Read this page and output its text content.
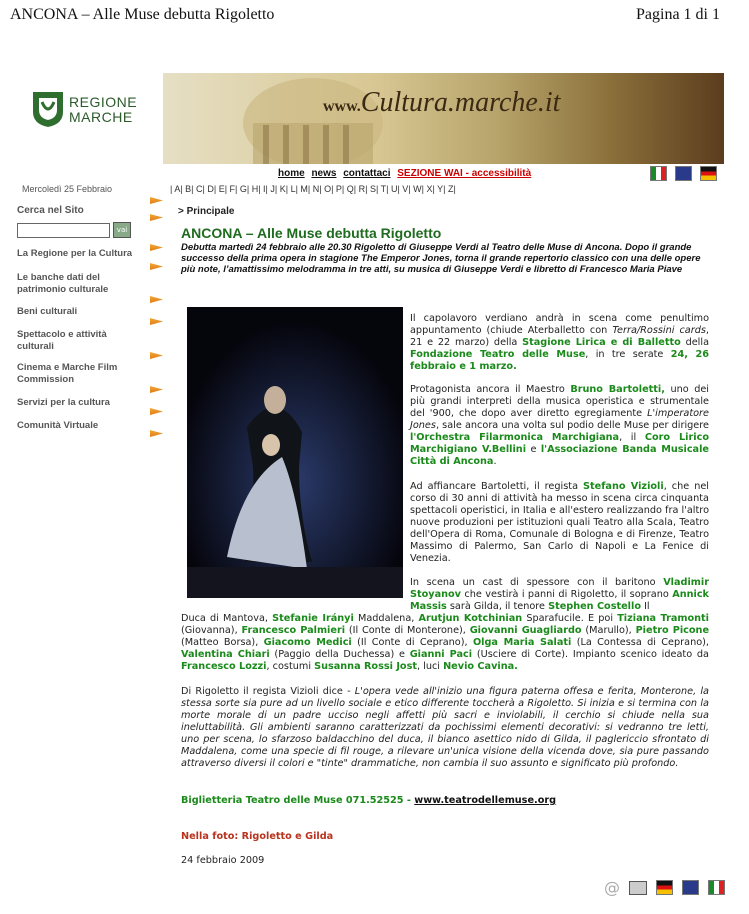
ANCONA – Alle Muse debutta Rigoletto	Pagina 1 di 1
REGIONE
MARCHE
www.Cultura.marche.it
home news contattaci SEZIONE WAI - accessibilità

Mercoledì 25 Febbraio	| A| B| C| D| E| F| G| H| I| J| K| L| M| N| O| P| Q| R| S| T| U| V| W| X| Y| Z|
Cerca nel Sito
vai
La Regione per la Cultura
Le banche dati del patrimonio culturale
Beni culturali
Spettacolo e attività culturali
Cinema e Marche Film Commission
Servizi per la cultura
Comunità Virtuale
> Principale
ANCONA – Alle Muse debutta Rigoletto

Debutta martedì 24 febbraio alle 20.30 Rigoletto di Giuseppe Verdi al Teatro delle Muse di Ancona. Dopo il grande successo della prima opera in stagione The Emperor Jones, torna il grande repertorio classico con una delle opere più note, l’amattissimo melodramma in tre atti, su musica di Giuseppe Verdi e libretto di Francesco Maria Piave

Il capolavoro verdiano andrà in scena come penultimo appuntamento (chiude Aterballetto con Terra/Rossini cards, 21 e 22 marzo) della Stagione Lirica e di Balletto della Fondazione Teatro delle Muse, in tre serate 24, 26 febbraio e 1 marzo.

Protagonista ancora il Maestro Bruno Bartoletti, uno dei più grandi interpreti della musica operistica e strumentale del '900, che dopo aver diretto egregiamente L'imperatore Jones, sale ancora una volta sul podio delle Muse per dirigere l'Orchestra Filarmonica Marchigiana, il Coro Lirico Marchigiano V.Bellini e l'Associazione Banda Musicale Città di Ancona.

Ad affiancare Bartoletti, il regista Stefano Vizioli, che nel corso di 30 anni di attività ha messo in scena circa cinquanta spettacoli operistici, in Italia e all'estero realizzando fra l'altro nuove produzioni per istituzioni quali Teatro alla Scala, Teatro dell'Opera di Roma, Comunale di Bologna e di Firenze, Teatro Massimo di Palermo, San Carlo di Napoli e La Fenice di Venezia.

In scena un cast di spessore con il baritono Vladimir Stoyanov che vestirà i panni di Rigoletto, il soprano Annick Massis sarà Gilda, il tenore Stephen Costello Il

Duca di Mantova, Stefanie Irányi Maddalena, Arutjun Kotchinian Sparafucile. E poi Tiziana Tramonti (Giovanna), Francesco Palmieri (Il Conte di Monterone), Giovanni Guagliardo (Marullo), Pietro Picone (Matteo Borsa), Giacomo Medici (Il Conte di Ceprano), Olga Maria Salati (La Contessa di Ceprano), Valentina Chiari (Paggio della Duchessa) e Gianni Paci (Usciere di Corte). Impianto scenico ideato da Francesco Lozzi, costumi Susanna Rossi Jost, luci Nevio Cavina.

Di Rigoletto il regista Vizioli dice - L'opera vede all'inizio una figura paterna offesa e ferita, Monterone, la stessa sorte sia pure ad un livello sociale e etico differente toccherà a Rigoletto. Si inizia e si termina con la morte morale di un padre ucciso negli affetti più sacri e inviolabili, il cerchio si chiude nella sua ineluttabilità. Gli ambienti saranno caratterizzati da pochissimi elementi decorativi: si vedranno tre letti, uno per scena, lo sfarzoso baldacchino del duca, il bianco asettico nido di Gilda, il paglericcio sfrontato di Maddalena, come una specie di fil rouge, a rilevare un'unica visione della vicenda dove, sia pure passando attraverso diversi il colori e "tinte" drammatiche, non cambia il suo assunto e significato più profondo.

Biglietteria Teatro delle Muse 071.52525 - www.teatrodellemuse.org
Nella foto: Rigoletto e Gilda
24 febbraio 2009
@
